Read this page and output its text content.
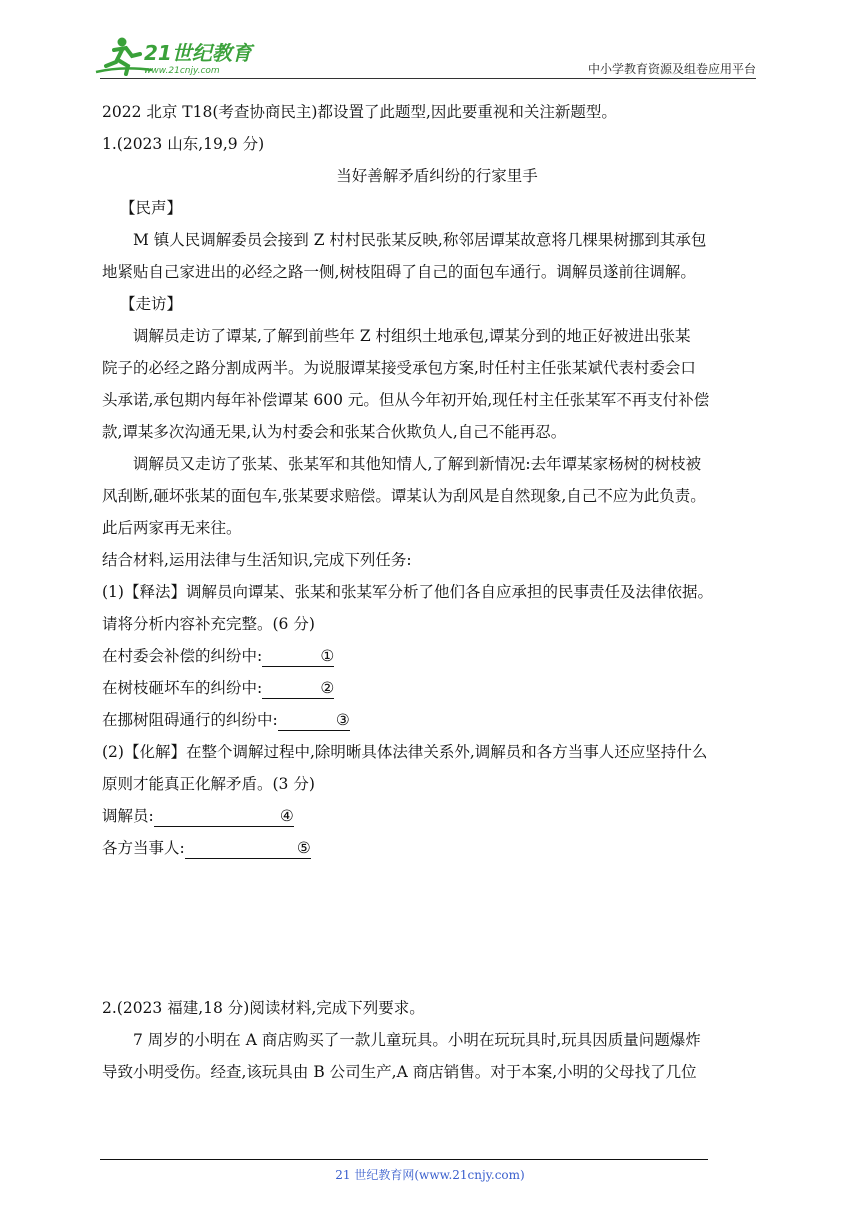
21世纪教育
www.21cnjy.com	中小学教育资源及组卷应用平台

2022 北京 T18(考查协商民主)都设置了此题型,因此要重视和关注新题型。

1.(2023 山东,19,9 分)

当好善解矛盾纠纷的行家里手

【民声】

M 镇人民调解委员会接到 Z 村村民张某反映,称邻居谭某故意将几棵果树挪到其承包

地紧贴自己家进出的必经之路一侧,树枝阻碍了自己的面包车通行。调解员遂前往调解。

【走访】

调解员走访了谭某,了解到前些年 Z 村组织土地承包,谭某分到的地正好被进出张某

院子的必经之路分割成两半。为说服谭某接受承包方案,时任村主任张某斌代表村委会口

头承诺,承包期内每年补偿谭某 600 元。但从今年初开始,现任村主任张某军不再支付补偿

款,谭某多次沟通无果,认为村委会和张某合伙欺负人,自己不能再忍。

调解员又走访了张某、张某军和其他知情人,了解到新情况:去年谭某家杨树的树枝被

风刮断,砸坏张某的面包车,张某要求赔偿。谭某认为刮风是自然现象,自己不应为此负责。

此后两家再无来往。

结合材料,运用法律与生活知识,完成下列任务:

(1)【释法】调解员向谭某、张某和张某军分析了他们各自应承担的民事责任及法律依据。

请将分析内容补充完整。(6 分)

在村委会补偿的纠纷中:	①

在树枝砸坏车的纠纷中:	②

在挪树阻碍通行的纠纷中:	③

(2)【化解】在整个调解过程中,除明晰具体法律关系外,调解员和各方当事人还应坚持什么

原则才能真正化解矛盾。(3 分)

调解员:	④

各方当事人:	⑤

2.(2023 福建,18 分)阅读材料,完成下列要求。

7 周岁的小明在 A 商店购买了一款儿童玩具。小明在玩玩具时,玩具因质量问题爆炸

导致小明受伤。经查,该玩具由 B 公司生产,A 商店销售。对于本案,小明的父母找了几位

21 世纪教育网(www.21cnjy.com)
